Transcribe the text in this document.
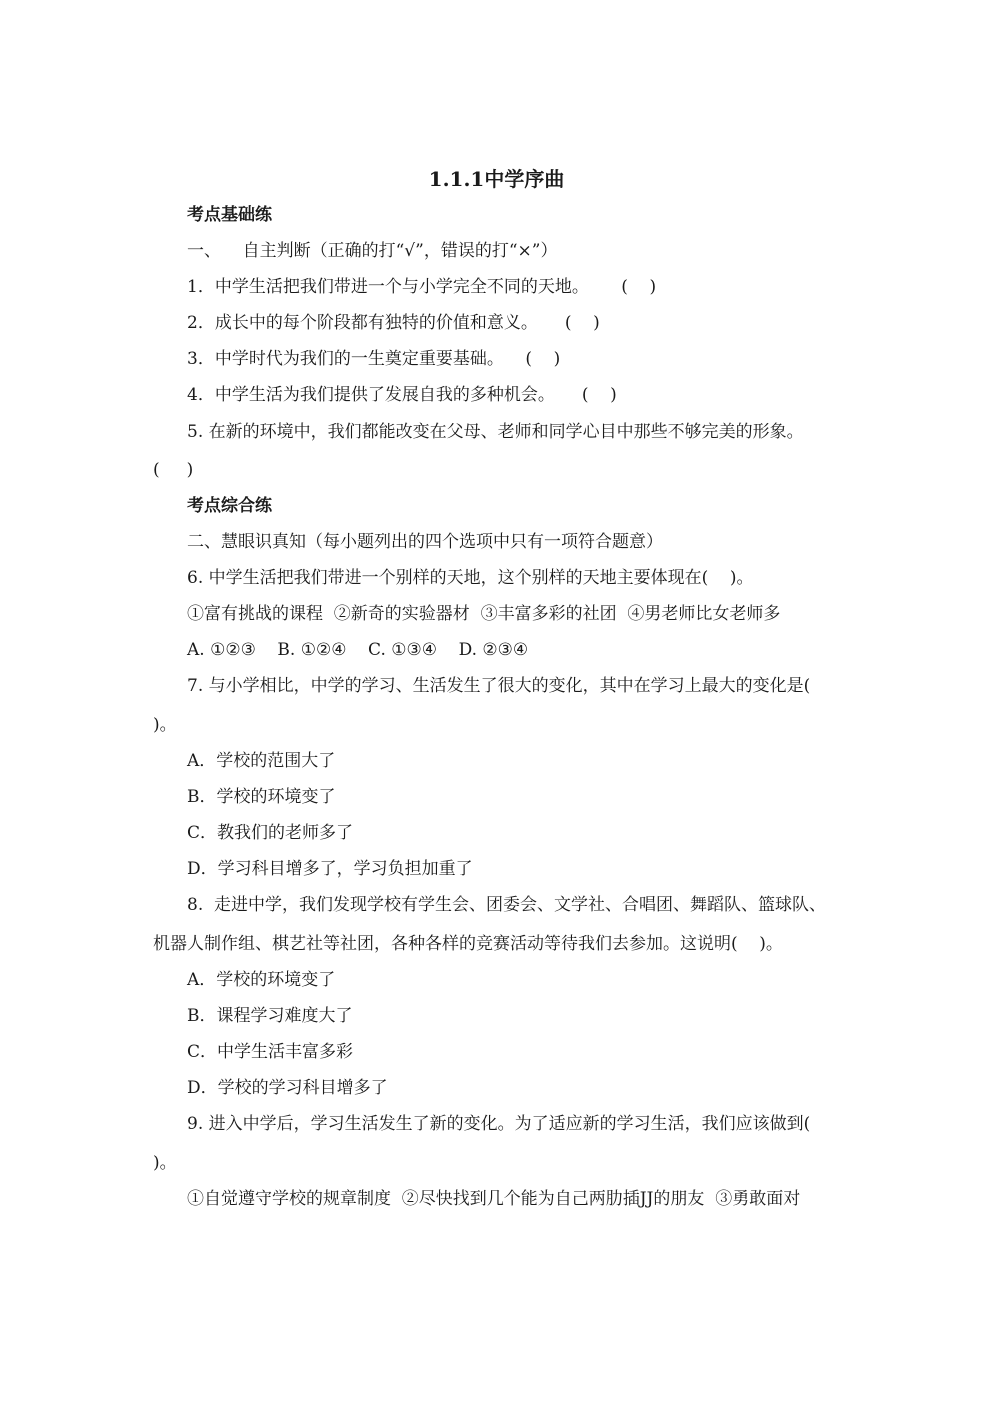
1.1.1中学序曲
考点基础练
一、    自主判断（正确的打“√”，错误的打“×”）
1．中学生活把我们带进一个与小学完全不同的天地。      (    )
2．成长中的每个阶段都有独特的价值和意义。     (    )
3．中学时代为我们的一生奠定重要基础。    (    )
4．中学生活为我们提供了发展自我的多种机会。     (    )
5. 在新的环境中，我们都能改变在父母、老师和同学心目中那些不够完美的形象。
(     )
考点综合练
二、慧眼识真知（每小题列出的四个选项中只有一项符合题意）
6. 中学生活把我们带进一个别样的天地，这个别样的天地主要体现在(    )。
①富有挑战的课程  ②新奇的实验器材  ③丰富多彩的社团  ④男老师比女老师多
A. ①②③    B. ①②④    C. ①③④    D. ②③④
7. 与小学相比，中学的学习、生活发生了很大的变化，其中在学习上最大的变化是(
)。
A．学校的范围大了
B．学校的环境变了
C．教我们的老师多了
D．学习科目增多了，学习负担加重了
8.  走进中学，我们发现学校有学生会、团委会、文学社、合唱团、舞蹈队、篮球队、
机器人制作组、棋艺社等社团，各种各样的竞赛活动等待我们去参加。这说明(    )。
A．学校的环境变了
B．课程学习难度大了
C．中学生活丰富多彩
D．学校的学习科目增多了
9. 进入中学后，学习生活发生了新的变化。为了适应新的学习生活，我们应该做到(
)。
①自觉遵守学校的规章制度  ②尽快找到几个能为自己两肋插JJ的朋友  ③勇敢面对
